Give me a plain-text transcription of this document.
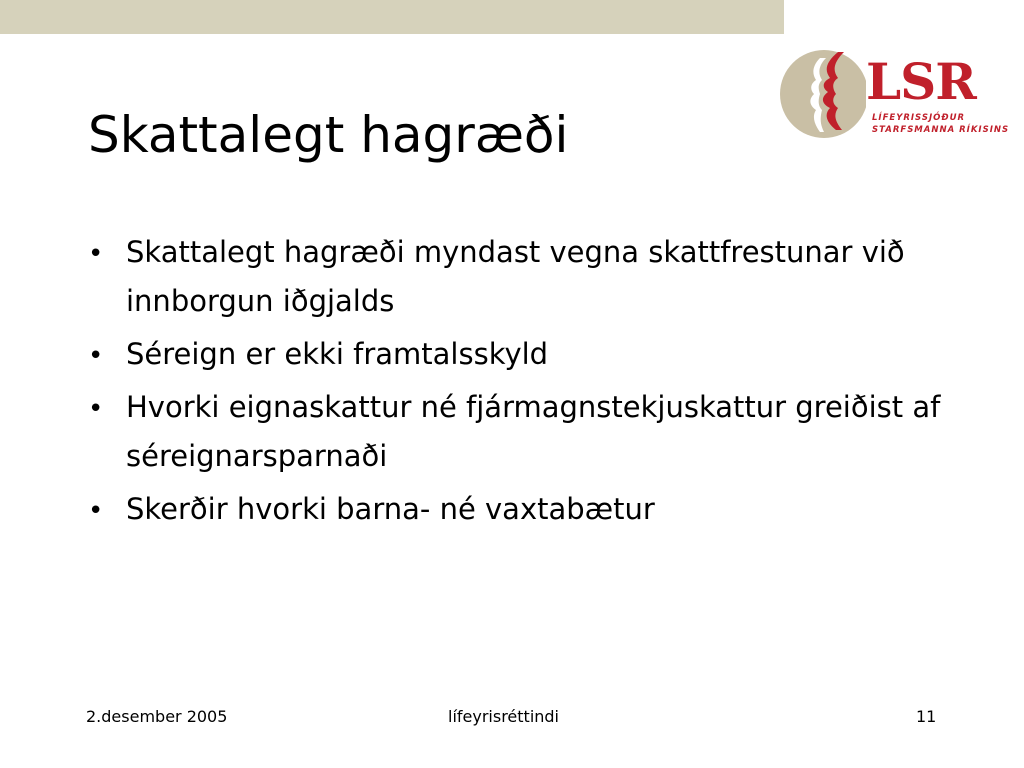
LSR
LÍFEYRISSJÓÐUR
STARFSMANNA RÍKISINS
Skattalegt hagræði
• Skattalegt hagræði myndast vegna skattfrestunar við innborgun iðgjalds
• Séreign er ekki framtalsskyld
• Hvorki eignaskattur né fjármagnstekjuskattur greiðist af séreignarsparnaði
• Skerðir hvorki barna- né vaxtabætur
2.desember 2005	lífeyrisréttindi	11
